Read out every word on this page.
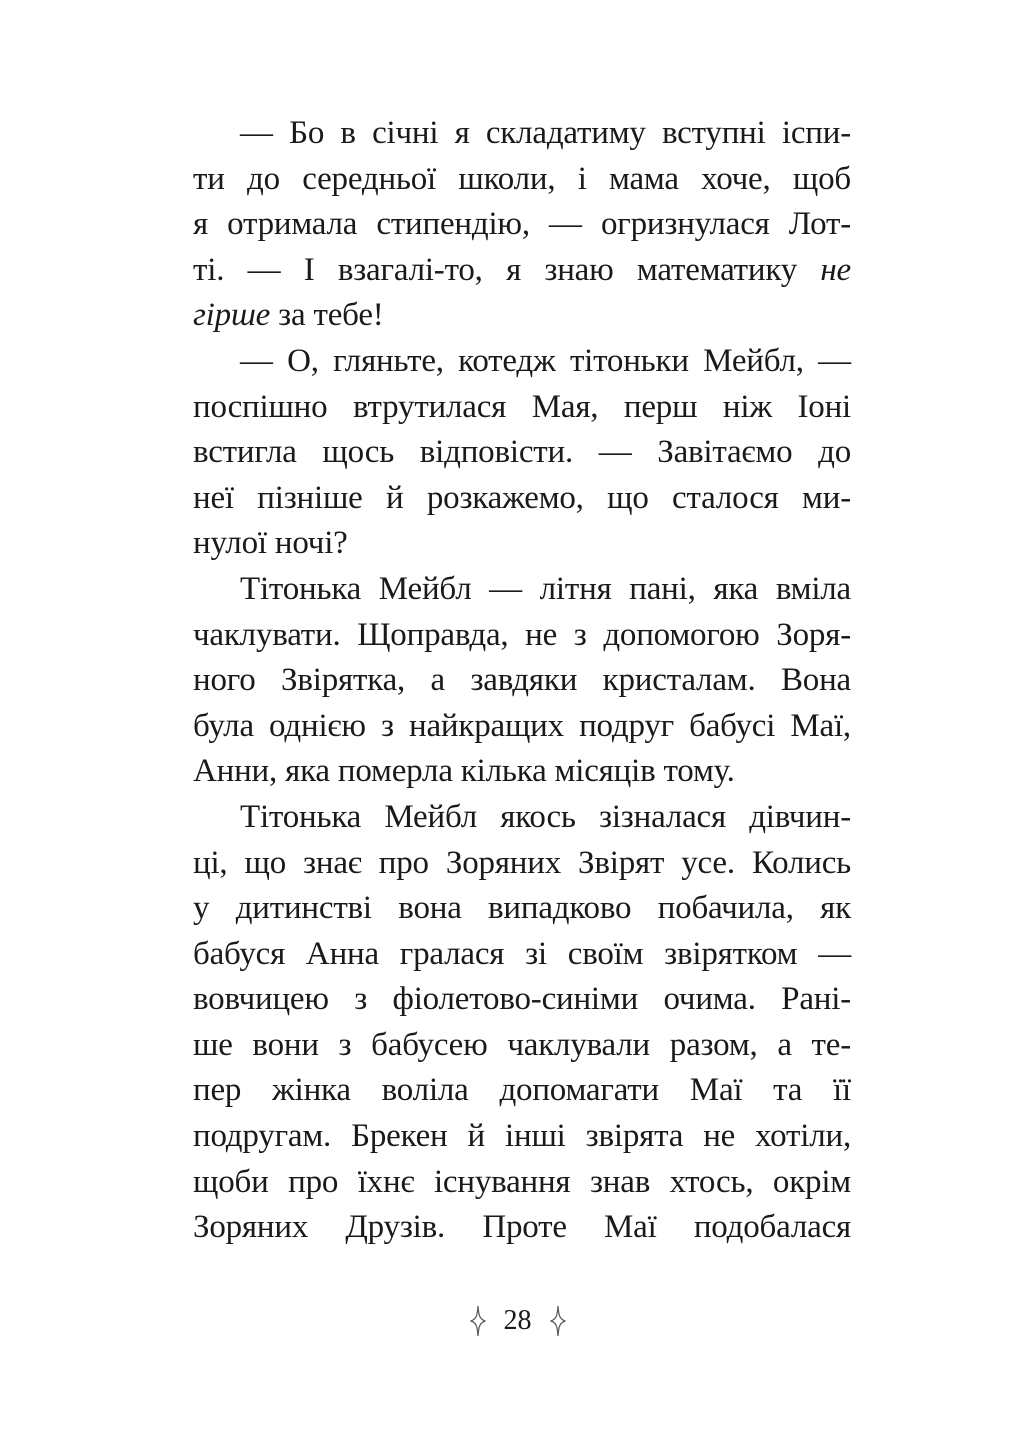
— Бо в січні я складатиму вступні іспи-
ти до середньої школи, і мама хоче, щоб
я отримала стипендію, — огризнулася Лот-
ті. — І взагалі-то, я знаю математику не
гірше за тебе!
— О, гляньте, котедж тітоньки Мейбл, —
поспішно втрутилася Мая, перш ніж Іоні
встигла щось відповісти. — Завітаємо до
неї пізніше й розкажемо, що сталося ми-
нулої ночі?
Тітонька Мейбл — літня пані, яка вміла
чаклувати. Щоправда, не з допомогою Зоря-
ного Звірятка, а завдяки кристалам. Вона
була однією з найкращих подруг бабусі Маї,
Анни, яка померла кілька місяців тому.
Тітонька Мейбл якось зізналася дівчин-
ці, що знає про Зоряних Звірят усе. Колись
у дитинстві вона випадково побачила, як
бабуся Анна гралася зі своїм звірятком —
вовчицею з фіолетово-синіми очима. Рані-
ше вони з бабусею чаклували разом, а те-
пер жінка воліла допомагати Маї та її
подругам. Брекен й інші звірята не хотіли,
щоби про їхнє існування знав хтось, окрім
Зоряних Друзів. Проте Маї подобалася
28
